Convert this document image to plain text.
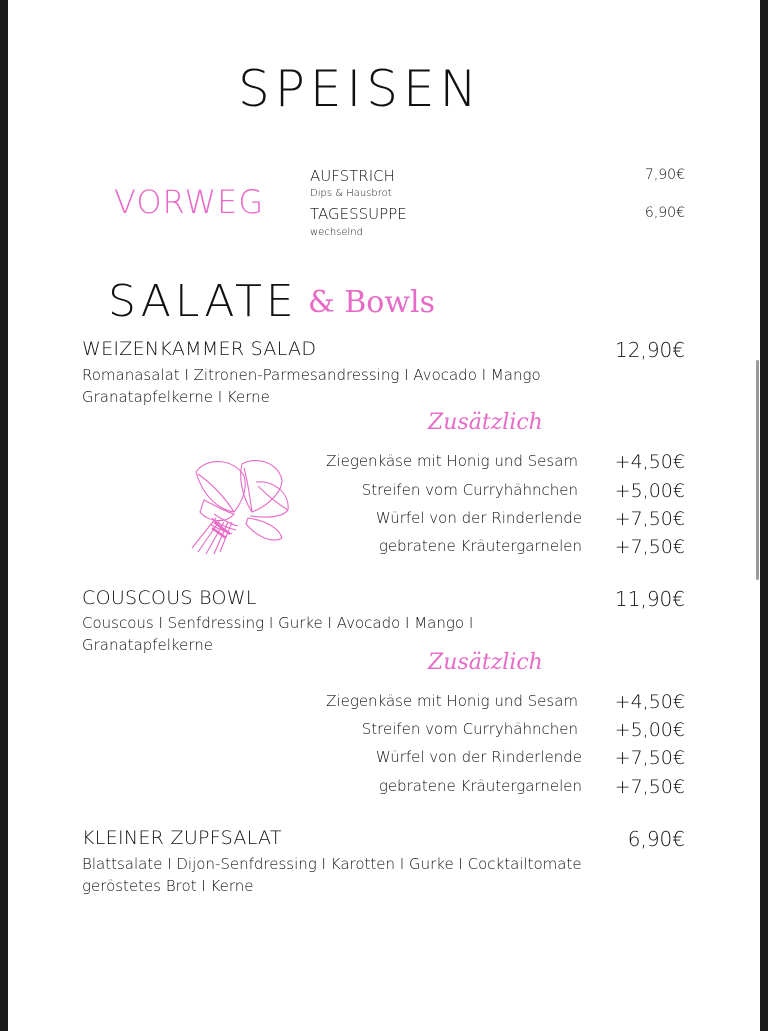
SPEISEN
VORWEG
AUFSTRICH
Dips & Hausbrot
7,90€
TAGESSUPPE
wechselnd
6,90€
SALATE & Bowls
WEIZENKAMMER SALAD	12,90€
Romanasalat I Zitronen-Parmesandressing I Avocado I Mango
Granatapfelkerne I Kerne
Zusätzlich
Ziegenkäse mit Honig und Sesam	+4,50€
Streifen vom Curryhähnchen	+5,00€
Würfel von der Rinderlende	+7,50€
gebratene Kräutergarnelen	+7,50€
COUSCOUS BOWL	11,90€
Couscous I Senfdressing I Gurke I Avocado I Mango I
Granatapfelkerne
Zusätzlich
Ziegenkäse mit Honig und Sesam	+4,50€
Streifen vom Curryhähnchen	+5,00€
Würfel von der Rinderlende	+7,50€
gebratene Kräutergarnelen	+7,50€
KLEINER ZUPFSALAT	6,90€
Blattsalate I Dijon-Senfdressing I Karotten I Gurke I Cocktailtomate
geröstetes Brot I Kerne
